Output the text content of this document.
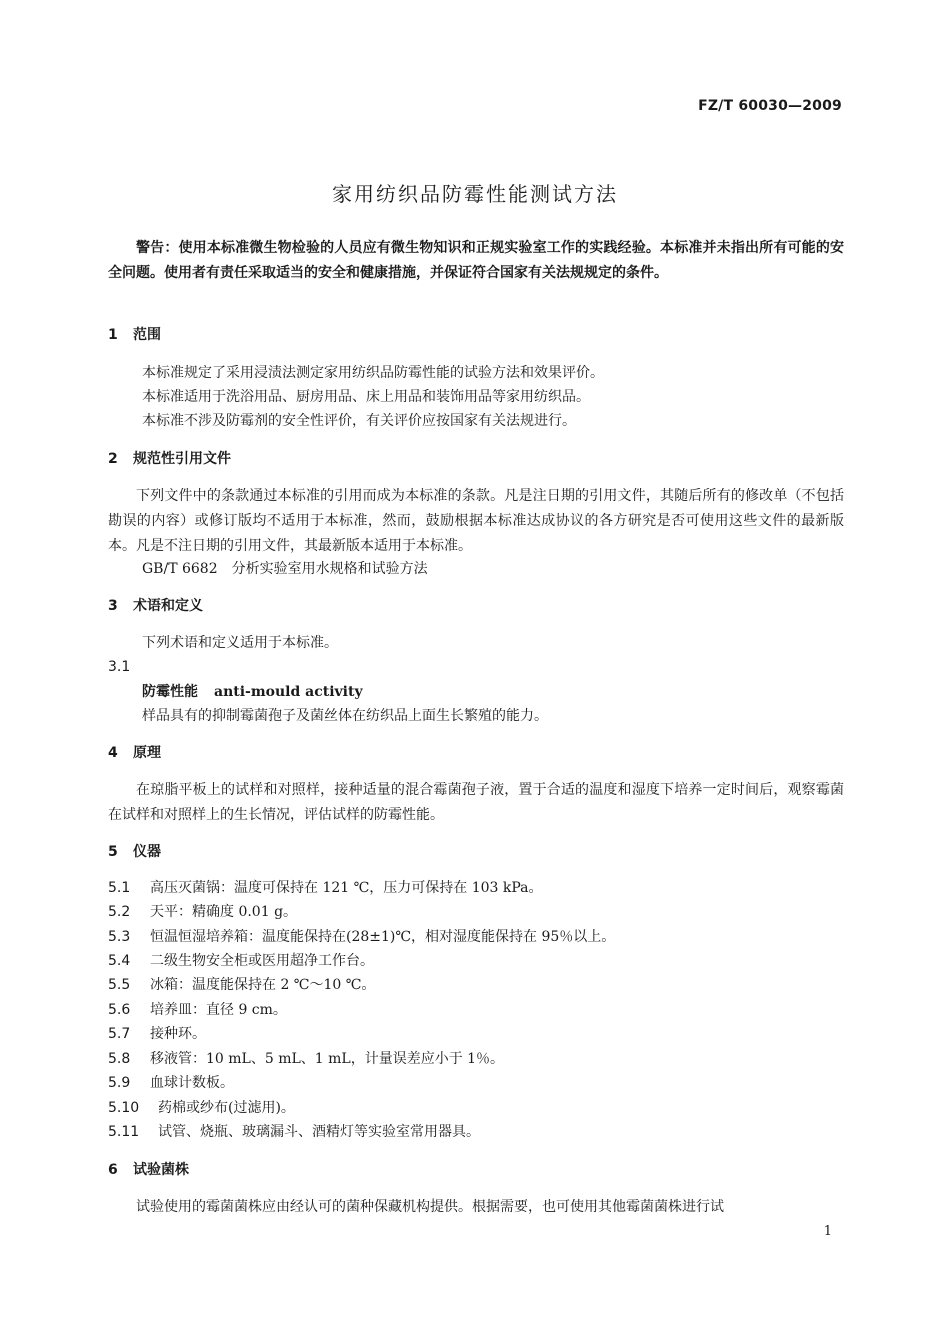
FZ/T 60030—2009
家用纺织品防霉性能测试方法
警告：使用本标准微生物检验的人员应有微生物知识和正规实验室工作的实践经验。本标准并未指出所有可能的安全问题。使用者有责任采取适当的安全和健康措施，并保证符合国家有关法规规定的条件。
1 范围
本标准规定了采用浸渍法测定家用纺织品防霉性能的试验方法和效果评价。
本标准适用于洗浴用品、厨房用品、床上用品和装饰用品等家用纺织品。
本标准不涉及防霉剂的安全性评价，有关评价应按国家有关法规进行。
2 规范性引用文件
下列文件中的条款通过本标准的引用而成为本标准的条款。凡是注日期的引用文件，其随后所有的修改单（不包括勘误的内容）或修订版均不适用于本标准，然而，鼓励根据本标准达成协议的各方研究是否可使用这些文件的最新版本。凡是不注日期的引用文件，其最新版本适用于本标准。
GB/T 6682　分析实验室用水规格和试验方法
3 术语和定义
下列术语和定义适用于本标准。
3.1
防霉性能 anti-mould activity
样品具有的抑制霉菌孢子及菌丝体在纺织品上面生长繁殖的能力。
4 原理
在琼脂平板上的试样和对照样，接种适量的混合霉菌孢子液，置于合适的温度和湿度下培养一定时间后，观察霉菌在试样和对照样上的生长情况，评估试样的防霉性能。
5 仪器
5.1 高压灭菌锅：温度可保持在 121 ℃，压力可保持在 103 kPa。
5.2 天平：精确度 0.01 g。
5.3 恒温恒湿培养箱：温度能保持在(28±1)℃，相对湿度能保持在 95％以上。
5.4 二级生物安全柜或医用超净工作台。
5.5 冰箱：温度能保持在 2 ℃～10 ℃。
5.6 培养皿：直径 9 cm。
5.7 接种环。
5.8 移液管：10 mL、5 mL、1 mL，计量误差应小于 1％。
5.9 血球计数板。
5.10 药棉或纱布(过滤用)。
5.11 试管、烧瓶、玻璃漏斗、酒精灯等实验室常用器具。
6 试验菌株
试验使用的霉菌菌株应由经认可的菌种保藏机构提供。根据需要，也可使用其他霉菌菌株进行试
1
